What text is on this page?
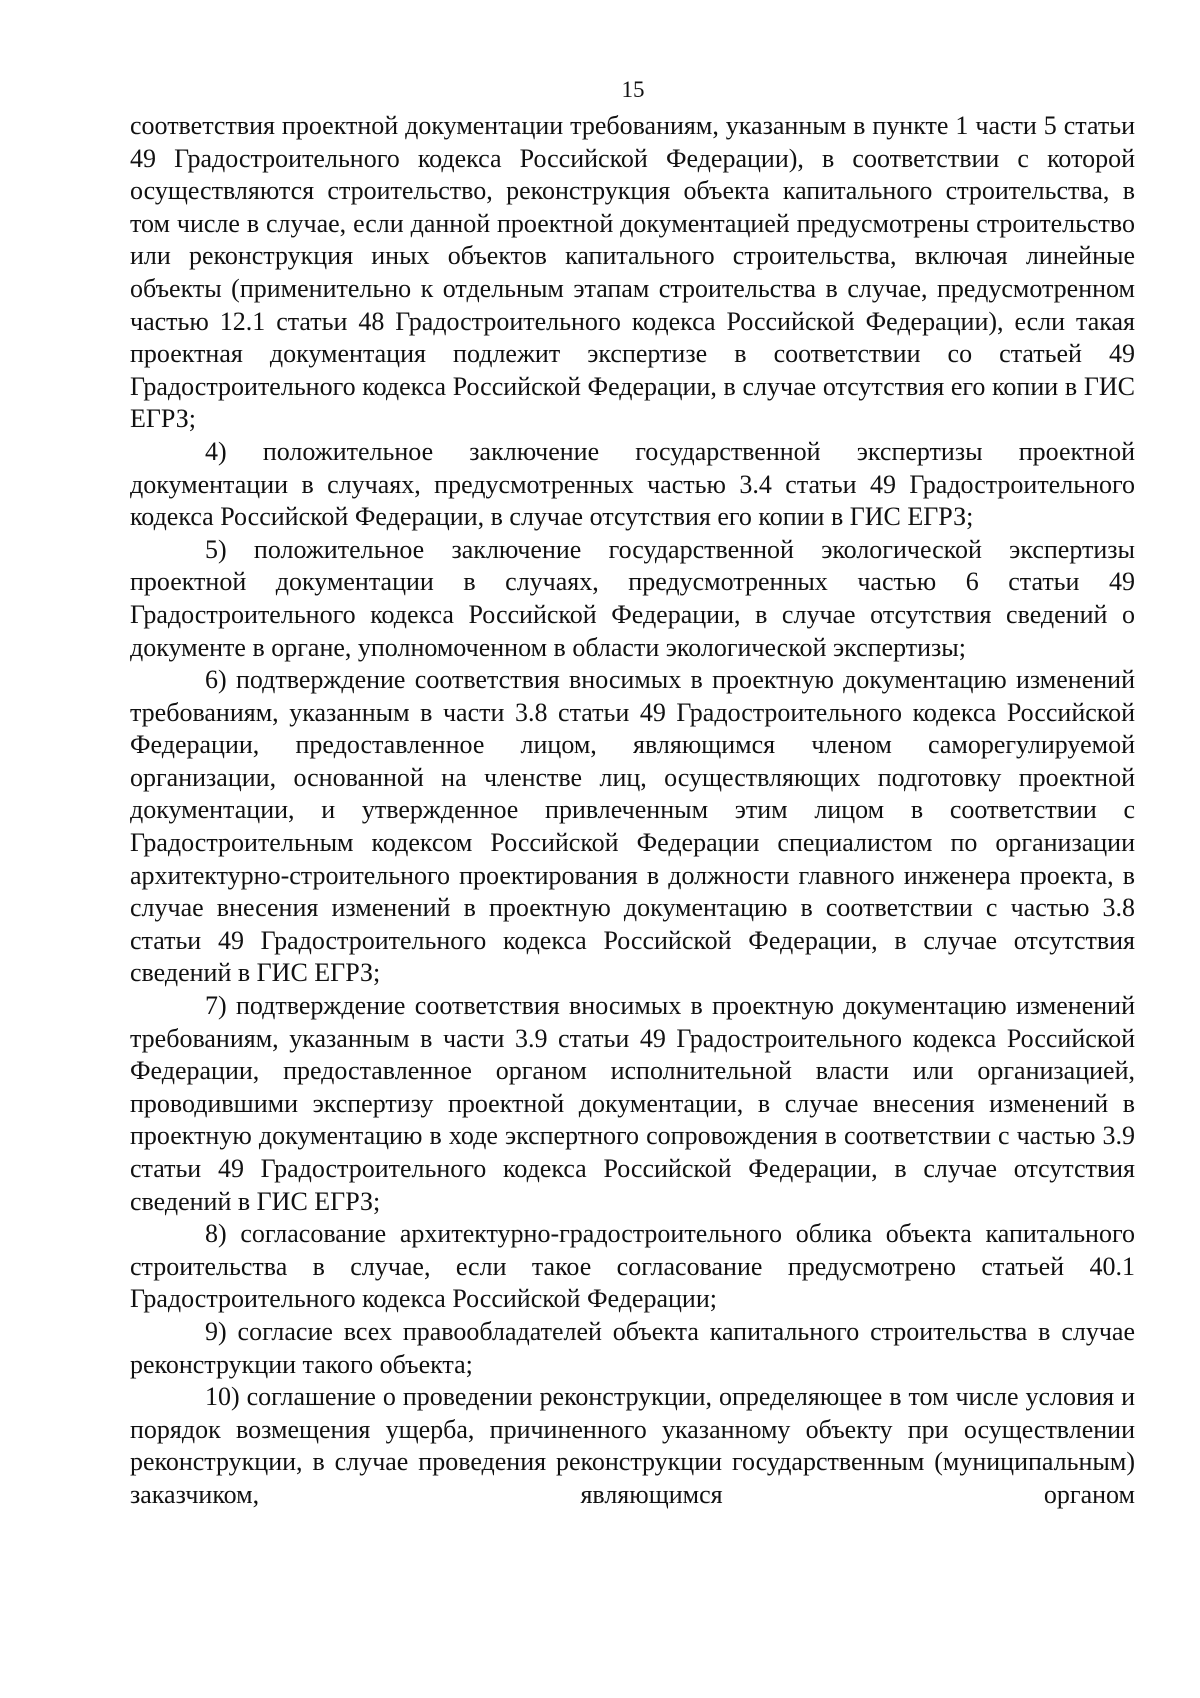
15

соответствия проектной документации требованиям, указанным в пункте 1 части 5 статьи 49 Градостроительного кодекса Российской Федерации), в соответствии с которой осуществляются строительство, реконструкция объекта капитального строительства, в том числе в случае, если данной проектной документацией предусмотрены строительство или реконструкция иных объектов капитального строительства, включая линейные объекты (применительно к отдельным этапам строительства в случае, предусмотренном частью 12.1 статьи 48 Градостроительного кодекса Российской Федерации), если такая проектная документация подлежит экспертизе в соответствии со статьей 49 Градостроительного кодекса Российской Федерации, в случае отсутствия его копии в ГИС ЕГРЗ;

4) положительное заключение государственной экспертизы проектной документации в случаях, предусмотренных частью 3.4 статьи 49 Градостроительного кодекса Российской Федерации, в случае отсутствия его копии в ГИС ЕГРЗ;

5) положительное заключение государственной экологической экспертизы проектной документации в случаях, предусмотренных частью 6 статьи 49 Градостроительного кодекса Российской Федерации, в случае отсутствия сведений о документе в органе, уполномоченном в области экологической экспертизы;

6) подтверждение соответствия вносимых в проектную документацию изменений требованиям, указанным в части 3.8 статьи 49 Градостроительного кодекса Российской Федерации, предоставленное лицом, являющимся членом саморегулируемой организации, основанной на членстве лиц, осуществляющих подготовку проектной документации, и утвержденное привлеченным этим лицом в соответствии с Градостроительным кодексом Российской Федерации специалистом по организации архитектурно-строительного проектирования в должности главного инженера проекта, в случае внесения изменений в проектную документацию в соответствии с частью 3.8 статьи 49 Градостроительного кодекса Российской Федерации, в случае отсутствия сведений в ГИС ЕГРЗ;

7) подтверждение соответствия вносимых в проектную документацию изменений требованиям, указанным в части 3.9 статьи 49 Градостроительного кодекса Российской Федерации, предоставленное органом исполнительной власти или организацией, проводившими экспертизу проектной документации, в случае внесения изменений в проектную документацию в ходе экспертного сопровождения в соответствии с частью 3.9 статьи 49 Градостроительного кодекса Российской Федерации, в случае отсутствия сведений в ГИС ЕГРЗ;

8) согласование архитектурно-градостроительного облика объекта капитального строительства в случае, если такое согласование предусмотрено статьей 40.1 Градостроительного кодекса Российской Федерации;

9) согласие всех правообладателей объекта капитального строительства в случае реконструкции такого объекта;

10) соглашение о проведении реконструкции, определяющее в том числе условия и порядок возмещения ущерба, причиненного указанному объекту при осуществлении реконструкции, в случае проведения реконструкции государственным (муниципальным) заказчиком, являющимся органом
